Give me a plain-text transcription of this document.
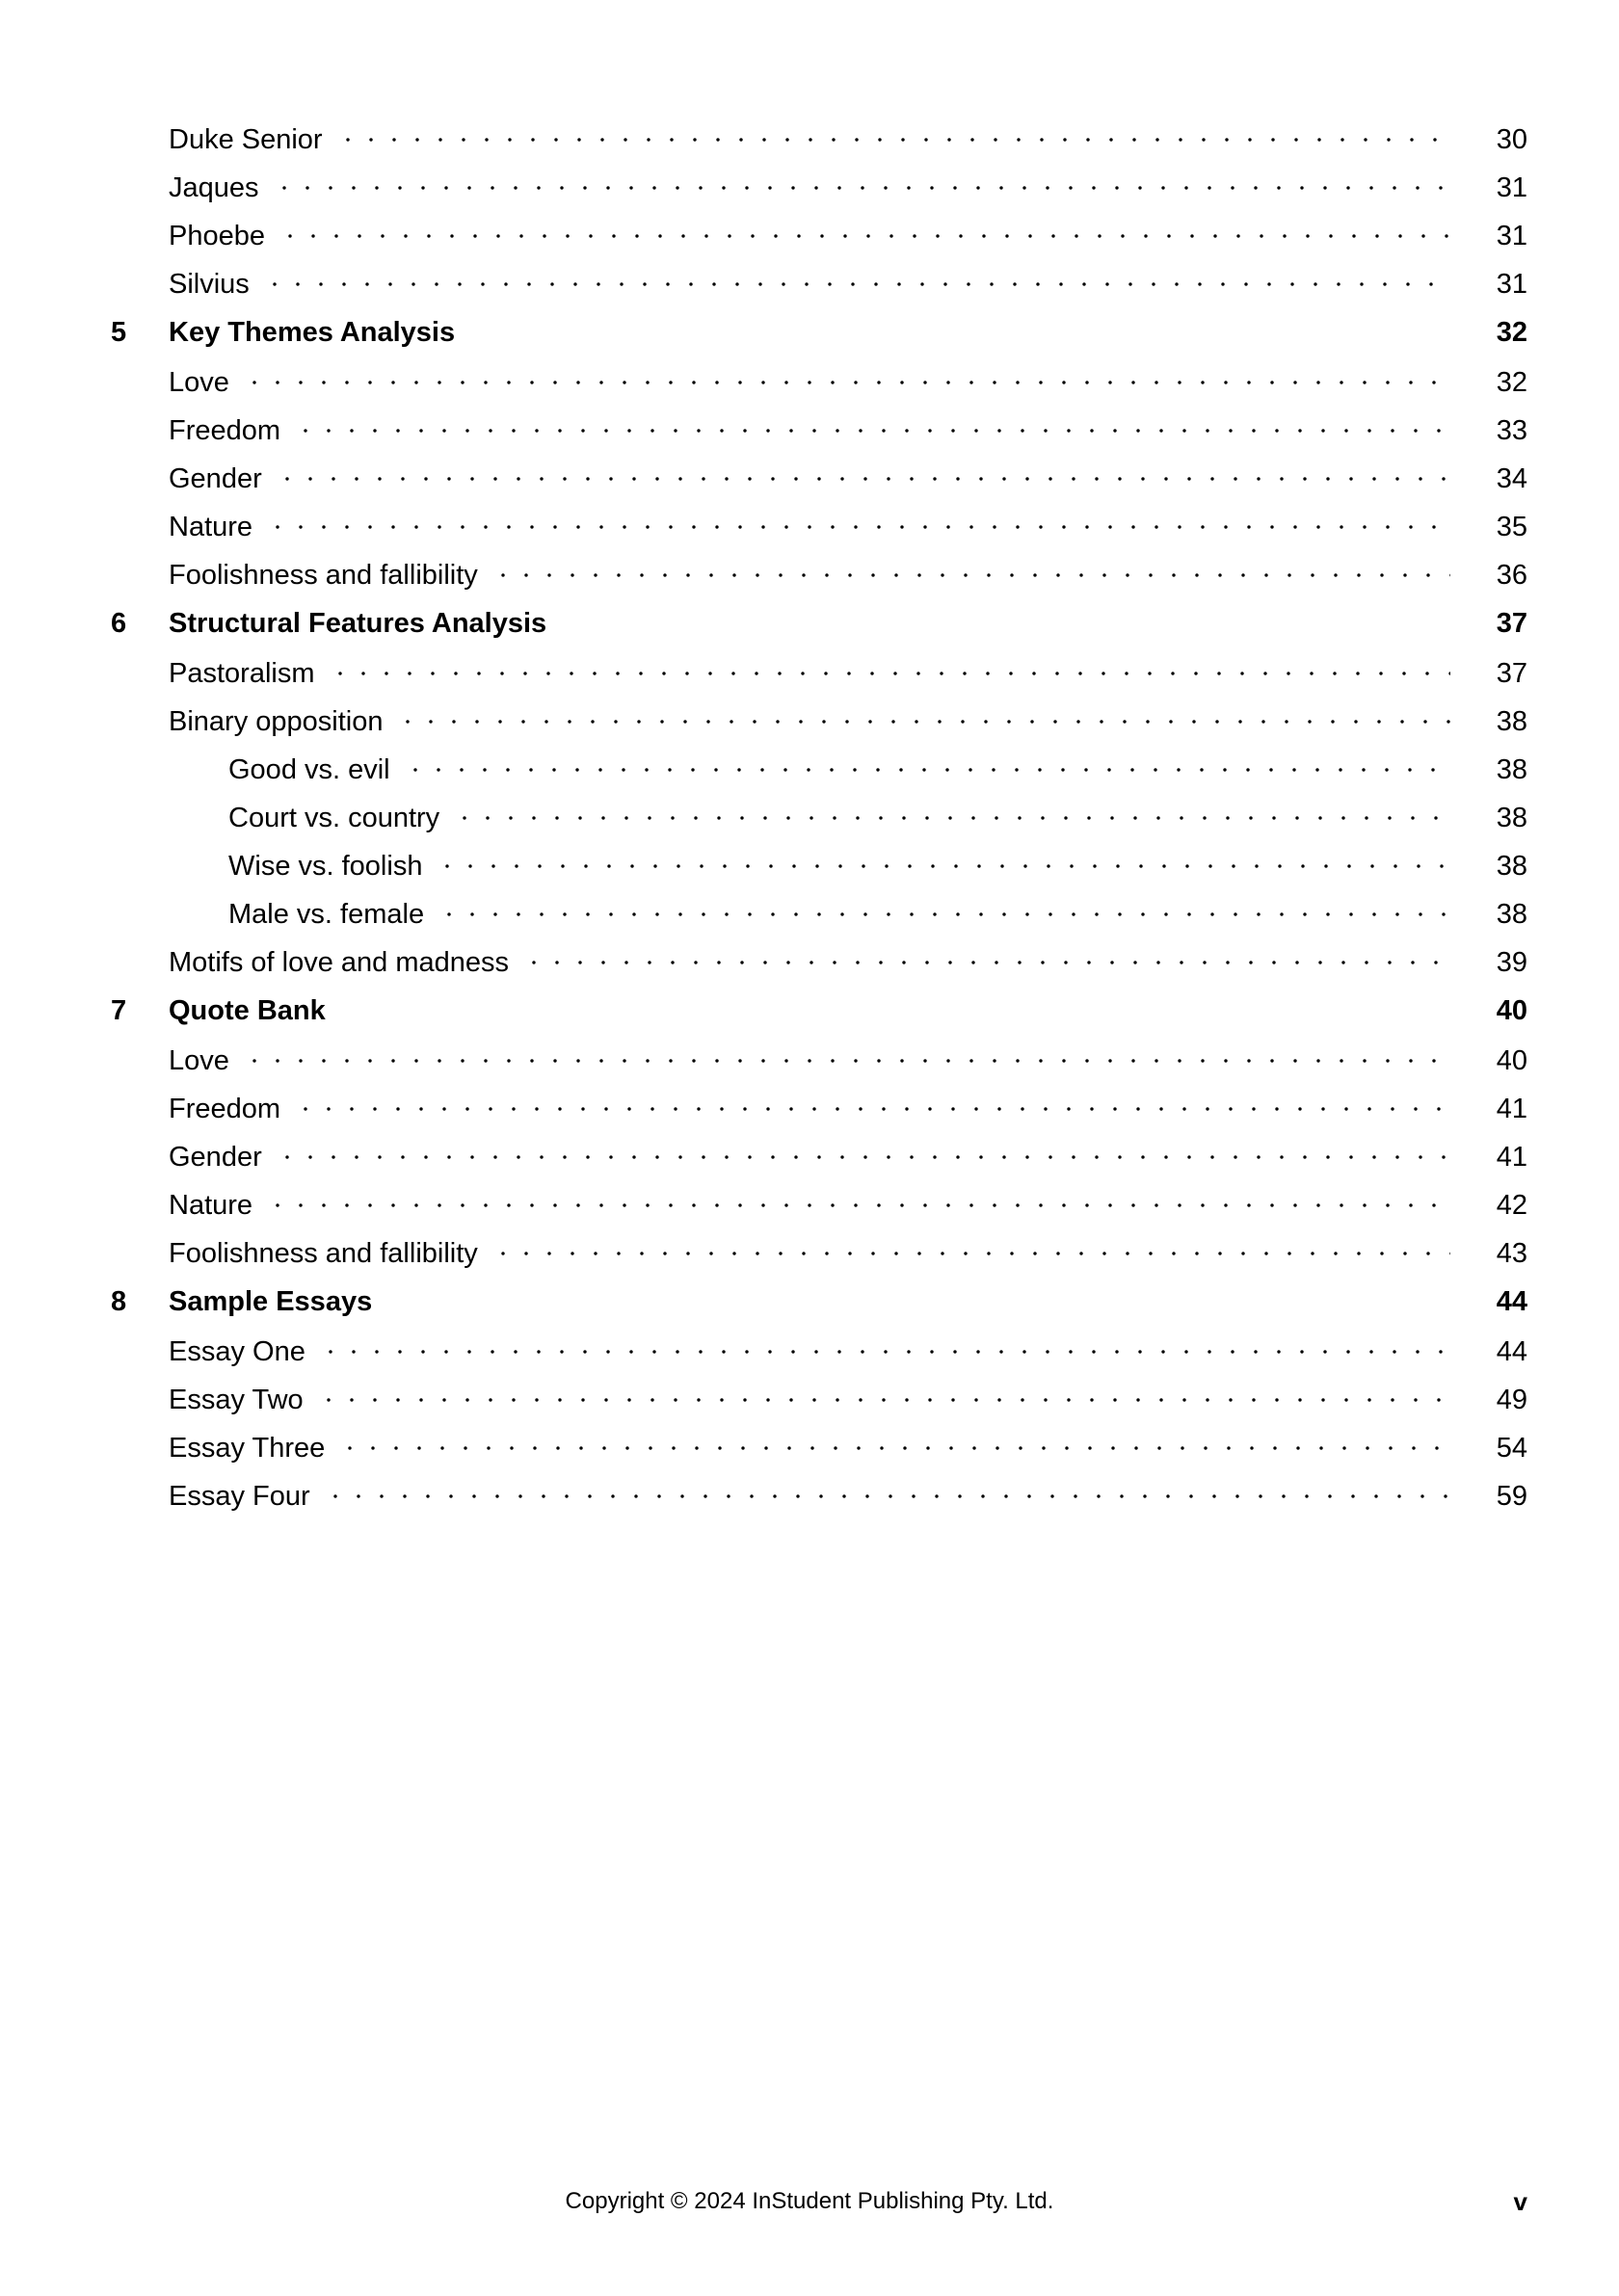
Duke Senior	30
Jaques	31
Phoebe	31
Silvius	31
5	Key Themes Analysis	32
Love	32
Freedom	33
Gender	34
Nature	35
Foolishness and fallibility	36
6	Structural Features Analysis	37
Pastoralism	37
Binary opposition	38
Good vs. evil	38
Court vs. country	38
Wise vs. foolish	38
Male vs. female	38
Motifs of love and madness	39
7	Quote Bank	40
Love	40
Freedom	41
Gender	41
Nature	42
Foolishness and fallibility	43
8	Sample Essays	44
Essay One	44
Essay Two	49
Essay Three	54
Essay Four	59
Copyright © 2024 InStudent Publishing Pty. Ltd.	v
